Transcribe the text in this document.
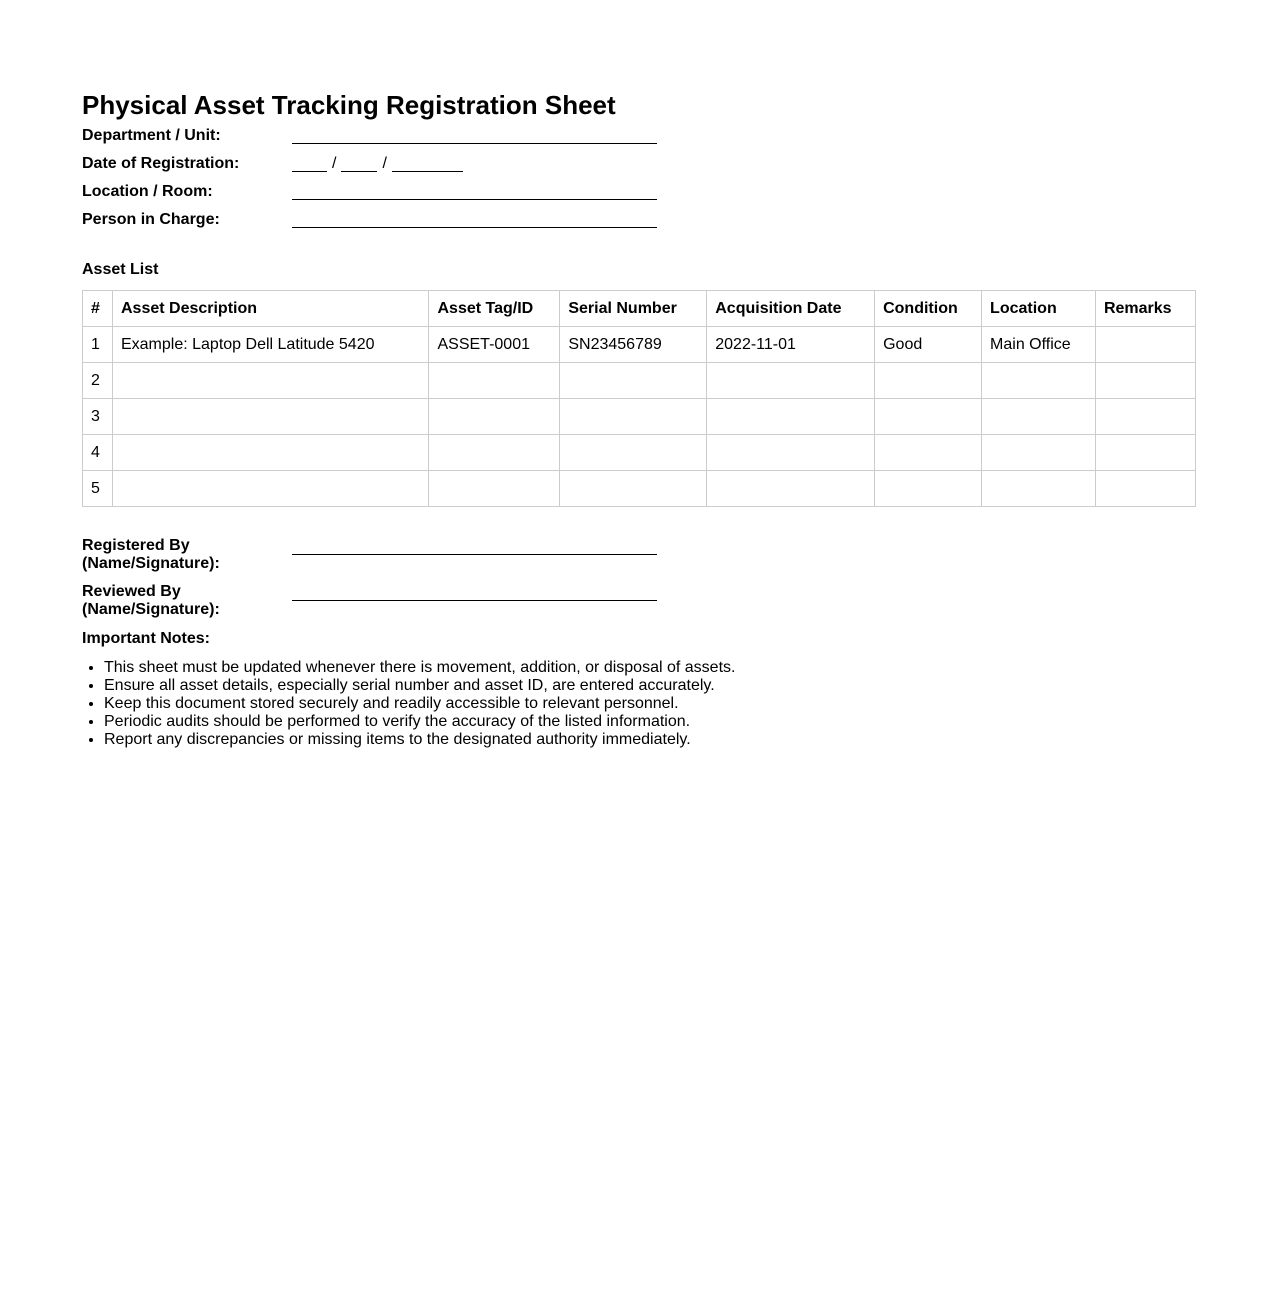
Physical Asset Tracking Registration Sheet
Department / Unit:
Date of Registration:	/	/
Location / Room:
Person in Charge:
Asset List
#	Asset Description	Asset Tag/ID	Serial Number	Acquisition Date	Condition	Location	Remarks
1	Example: Laptop Dell Latitude 5420	ASSET-0001	SN23456789	2022-11-01	Good	Main Office	
2							
3							
4							
5							
Registered By
(Name/Signature):
Reviewed By
(Name/Signature):
Important Notes:
• This sheet must be updated whenever there is movement, addition, or disposal of assets.
• Ensure all asset details, especially serial number and asset ID, are entered accurately.
• Keep this document stored securely and readily accessible to relevant personnel.
• Periodic audits should be performed to verify the accuracy of the listed information.
• Report any discrepancies or missing items to the designated authority immediately.
